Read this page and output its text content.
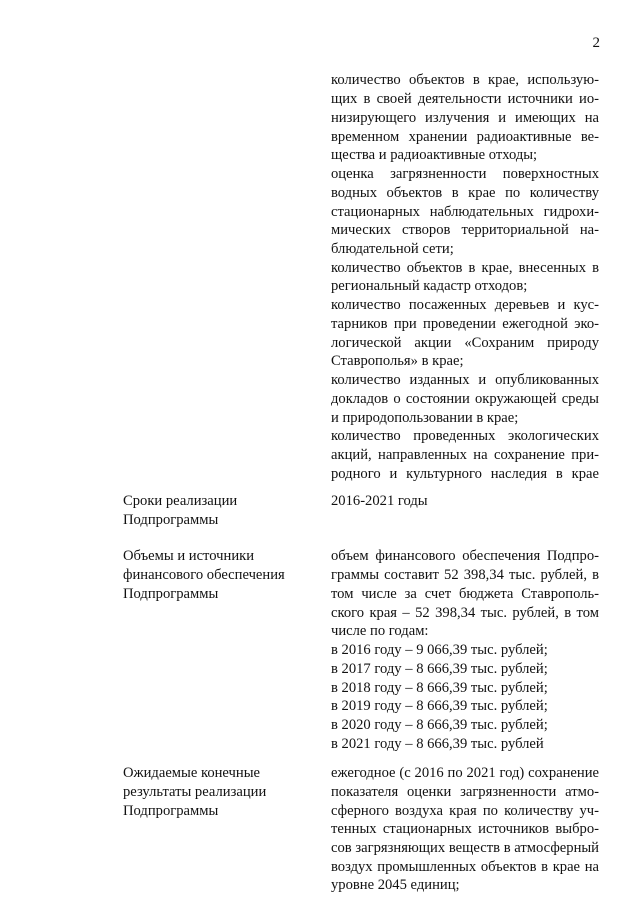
2
количество объектов в крае, использую-
щих в своей деятельности источники ио-
низирующего излучения и имеющих на
временном хранении радиоактивные ве-
щества и радиоактивные отходы;
оценка загрязненности поверхностных
водных объектов в крае по количеству
стационарных наблюдательных гидрохи-
мических створов территориальной на-
блюдательной сети;
количество объектов в крае, внесенных в
региональный кадастр отходов;
количество посаженных деревьев и кус-
тарников при проведении ежегодной эко-
логической акции «Сохраним природу
Ставрополья» в крае;
количество изданных и опубликованных
докладов о состоянии окружающей среды
и природопользовании в крае;
количество проведенных экологических
акций, направленных на сохранение при-
родного и культурного наследия в крае
Сроки реализации
Подпрограммы
2016-2021 годы
Объемы и источники
финансового обеспечения
Подпрограммы
объем финансового обеспечения Подпро-
граммы составит 52 398,34 тыс. рублей, в
том числе за счет бюджета Ставрополь-
ского края – 52 398,34 тыс. рублей, в том
числе по годам:
в 2016 году – 9 066,39 тыс. рублей;
в 2017 году – 8 666,39 тыс. рублей;
в 2018 году – 8 666,39 тыс. рублей;
в 2019 году – 8 666,39 тыс. рублей;
в 2020 году – 8 666,39 тыс. рублей;
в 2021 году – 8 666,39 тыс. рублей
Ожидаемые конечные
результаты реализации
Подпрограммы
ежегодное (с 2016 по 2021 год) сохранение
показателя оценки загрязненности атмо-
сферного воздуха края по количеству уч-
тенных стационарных источников выбро-
сов загрязняющих веществ в атмосферный
воздух промышленных объектов в крае на
уровне 2045 единиц;
